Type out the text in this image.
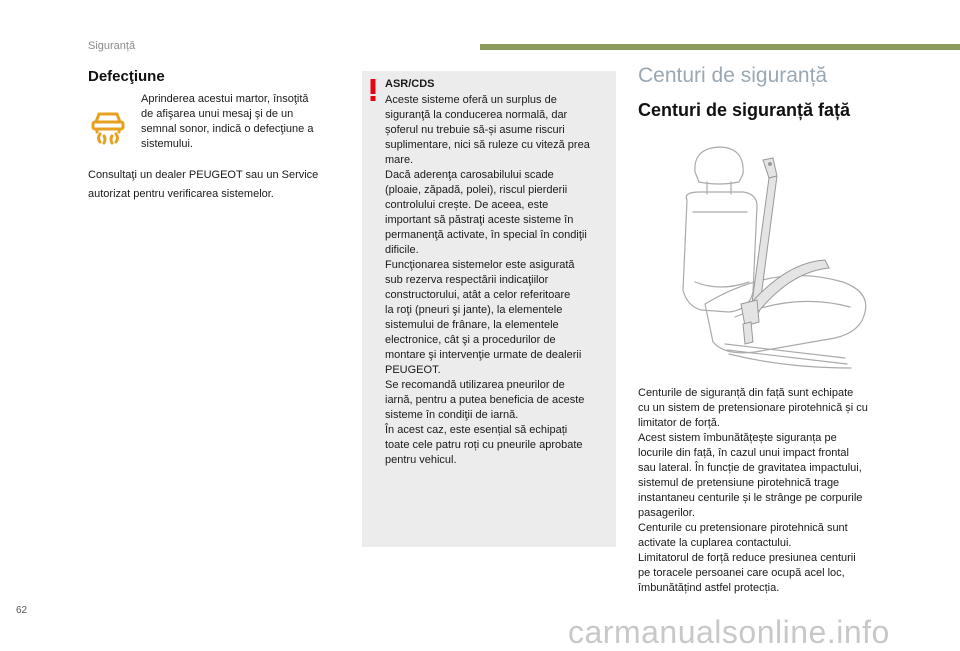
Siguranță
62
Defecţiune
Aprinderea acestui martor, însoţită
de afişarea unui mesaj şi de un
semnal sonor, indică o defecţiune a
sistemului.
Consultaţi un dealer PEUGEOT sau un Service
autorizat pentru verificarea sistemelor.
ASR/CDS

Aceste sisteme oferă un surplus de

siguranţă la conducerea normală, dar

șoferul nu trebuie să-și asume riscuri

suplimentare, nici să ruleze cu viteză prea

mare.

Dacă aderenţa carosabilului scade

(ploaie, zăpadă, polei), riscul pierderii

controlului crește. De aceea, este

important să păstraţi aceste sisteme în

permanenţă activate, în special în condiţii

dificile.

Funcţionarea sistemelor este asigurată

sub rezerva respectării indicaţiilor

constructorului, atât a celor referitoare

la roţi (pneuri şi jante), la elementele

sistemului de frânare, la elementele

electronice, cât şi a procedurilor de

montare şi intervenţie urmate de dealerii

PEUGEOT.

Se recomandă utilizarea pneurilor de

iarnă, pentru a putea beneficia de aceste

sisteme în condiţii de iarnă.

În acest caz, este esențial să echipați

toate cele patru roți cu pneurile aprobate

pentru vehicul.

Centuri de siguranță
Centuri de siguranță față

Centurile de siguranță din față sunt echipate

cu un sistem de pretensionare pirotehnică și cu

limitator de forță.

Acest sistem îmbunătățește siguranța pe

locurile din față, în cazul unui impact frontal

sau lateral. În funcție de gravitatea impactului,

sistemul de pretensiune pirotehnică trage

instantaneu centurile și le strânge pe corpurile

pasagerilor.

Centurile cu pretensionare pirotehnică sunt

activate la cuplarea contactului.

Limitatorul de forță reduce presiunea centurii

pe toracele persoanei care ocupă acel loc,

îmbunătățind astfel protecția.

carmanualsonline.info
